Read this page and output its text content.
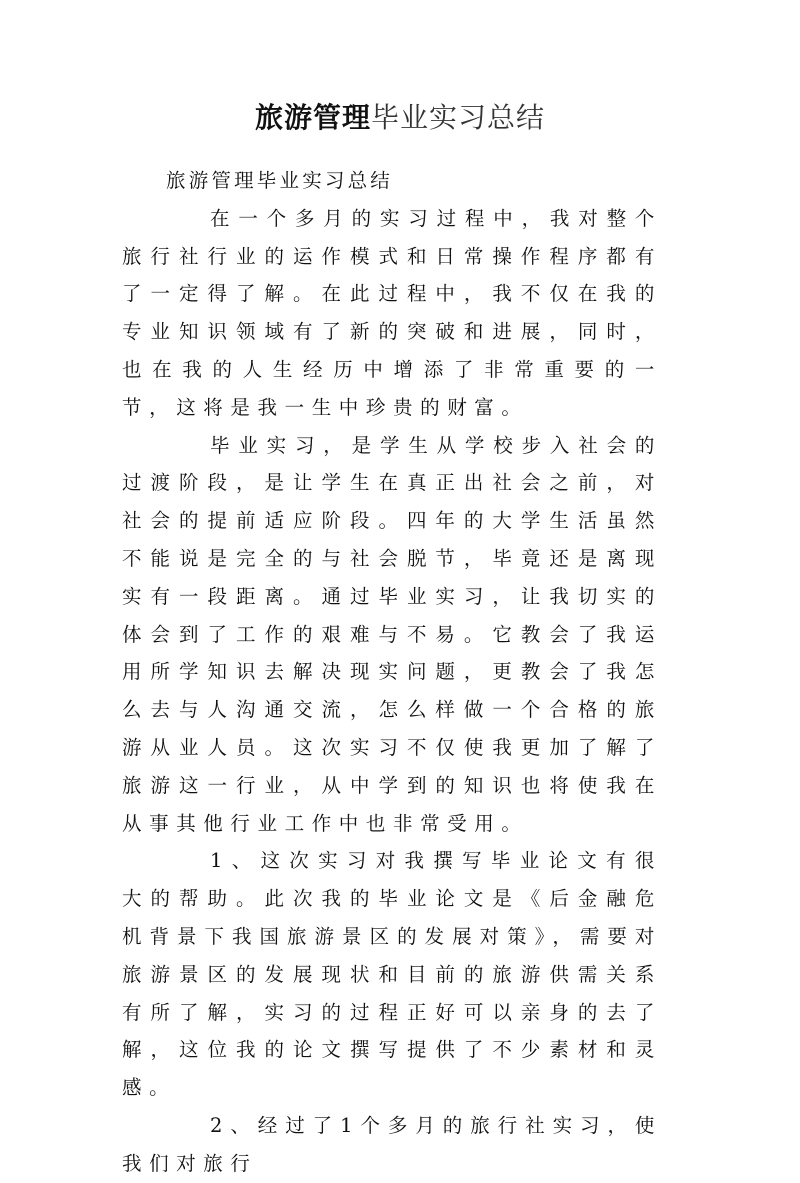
旅游管理毕业实习总结

旅游管理毕业实习总结

在一个多月的实习过程中，我对整个旅行社行业的运作模式和日常操作程序都有了一定得了解。在此过程中，我不仅在我的专业知识领域有了新的突破和进展，同时，也在我的人生经历中增添了非常重要的一节，这将是我一生中珍贵的财富。

毕业实习，是学生从学校步入社会的过渡阶段，是让学生在真正出社会之前，对社会的提前适应阶段。四年的大学生活虽然不能说是完全的与社会脱节，毕竟还是离现实有一段距离。通过毕业实习，让我切实的体会到了工作的艰难与不易。它教会了我运用所学知识去解决现实问题，更教会了我怎么去与人沟通交流，怎么样做一个合格的旅游从业人员。这次实习不仅使我更加了解了旅游这一行业，从中学到的知识也将使我在从事其他行业工作中也非常受用。

1、这次实习对我撰写毕业论文有很大的帮助。此次我的毕业论文是《后金融危机背景下我国旅游景区的发展对策》，需要对旅游景区的发展现状和目前的旅游供需关系有所了解，实习的过程正好可以亲身的去了解，这位我的论文撰写提供了不少素材和灵感。

2、经过了1个多月的旅行社实习，使我们对旅行
